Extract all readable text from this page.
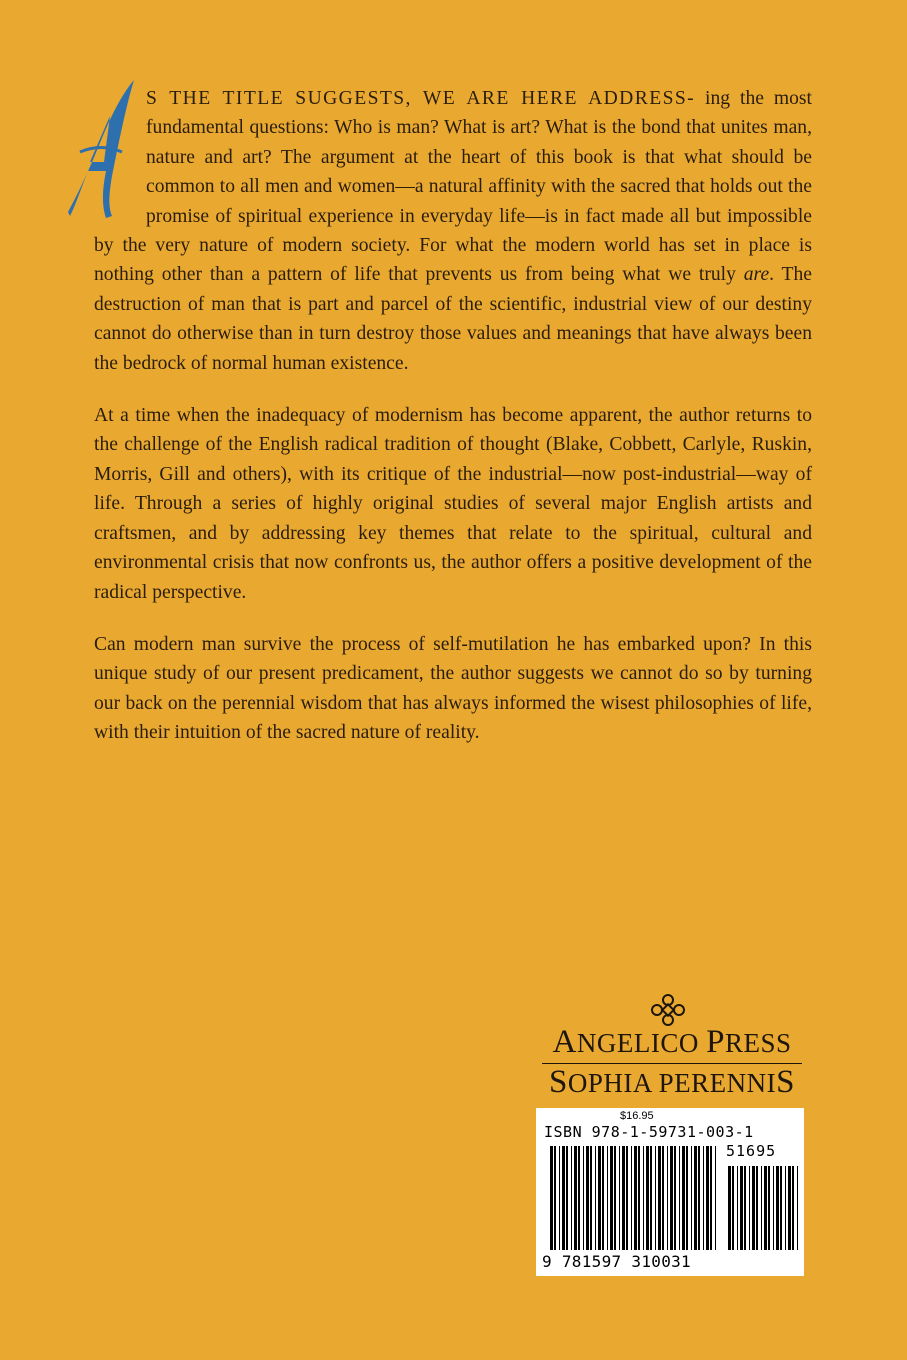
S THE TITLE SUGGESTS, WE ARE HERE ADDRESS- ing the most fundamental questions: Who is man? What is art? What is the bond that unites man, nature and art? The argument at the heart of this book is that what should be common to all men and women—a natural affinity with the sacred that holds out the promise of spiritual experience in everyday life—is in fact made all but impossible by the very nature of modern society. For what the modern world has set in place is nothing other than a pattern of life that prevents us from being what we truly are. The destruction of man that is part and parcel of the scientific, industrial view of our destiny cannot do otherwise than in turn destroy those values and meanings that have always been the bedrock of normal human existence.

At a time when the inadequacy of modernism has become apparent, the author returns to the challenge of the English radical tradition of thought (Blake, Cobbett, Carlyle, Ruskin, Morris, Gill and others), with its critique of the industrial—now post-industrial—way of life. Through a series of highly original studies of several major English artists and craftsmen, and by addressing key themes that relate to the spiritual, cultural and environmental crisis that now confronts us, the author offers a positive development of the radical perspective.

Can modern man survive the process of self-mutilation he has embarked upon? In this unique study of our present predicament, the author suggests we cannot do so by turning our back on the perennial wisdom that has always informed the wisest philosophies of life, with their intuition of the sacred nature of reality.

ANGELICO PRESS
SOPHIA PERENNIS
$16.95
ISBN 978-1-59731-003-1
51695
9 781597 310031
